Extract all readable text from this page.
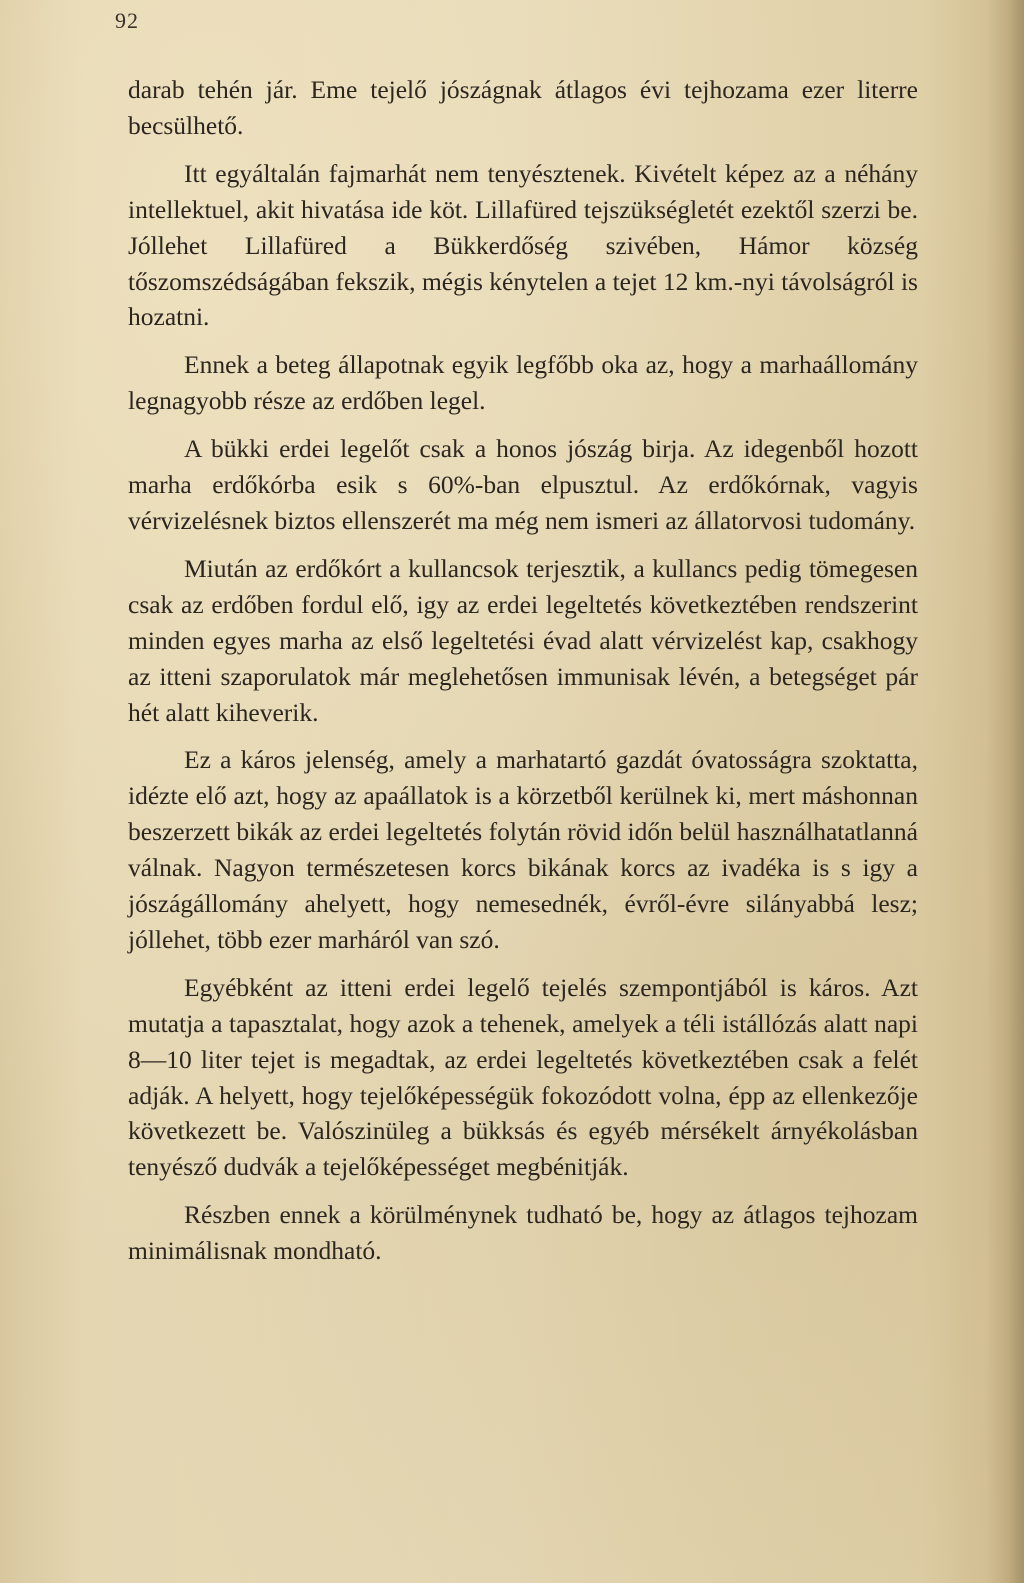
92

darab tehén jár. Eme tejelő jószágnak átlagos évi tejhozama ezer literre becsülhető.

Itt egyáltalán fajmarhát nem tenyésztenek. Kivételt képez az a néhány intellektuel, akit hivatása ide köt. Lillafüred tejszükségletét ezektől szerzi be. Jóllehet Lillafüred a Bükkerdőség szivében, Hámor község tőszomszédságában fekszik, mégis kénytelen a tejet 12 km.-nyi távolságról is hozatni.

Ennek a beteg állapotnak egyik legfőbb oka az, hogy a marhaállomány legnagyobb része az erdőben legel.

A bükki erdei legelőt csak a honos jószág birja. Az idegenből hozott marha erdőkórba esik s 60%-ban elpusztul. Az erdőkórnak, vagyis vérvizelésnek biztos ellenszerét ma még nem ismeri az állatorvosi tudomány.

Miután az erdőkórt a kullancsok terjesztik, a kullancs pedig tömegesen csak az erdőben fordul elő, igy az erdei legeltetés következtében rendszerint minden egyes marha az első legeltetési évad alatt vérvizelést kap, csakhogy az itteni szaporulatok már meglehetősen immunisak lévén, a betegséget pár hét alatt kiheverik.

Ez a káros jelenség, amely a marhatartó gazdát óvatosságra szoktatta, idézte elő azt, hogy az apaállatok is a körzetből kerülnek ki, mert máshonnan beszerzett bikák az erdei legeltetés folytán rövid időn belül használhatatlanná válnak. Nagyon természetesen korcs bikának korcs az ivadéka is s igy a jószágállomány ahelyett, hogy nemesednék, évről-évre silányabbá lesz; jóllehet, több ezer marháról van szó.

Egyébként az itteni erdei legelő tejelés szempontjából is káros. Azt mutatja a tapasztalat, hogy azok a tehenek, amelyek a téli istállózás alatt napi 8—10 liter tejet is megadtak, az erdei legeltetés következtében csak a felét adják. A helyett, hogy tejelőképességük fokozódott volna, épp az ellenkezője következett be. Valószinüleg a bükksás és egyéb mérsékelt árnyékolásban tenyésző dudvák a tejelőképességet megbénitják.

Részben ennek a körülménynek tudható be, hogy az átlagos tejhozam minimálisnak mondható.
